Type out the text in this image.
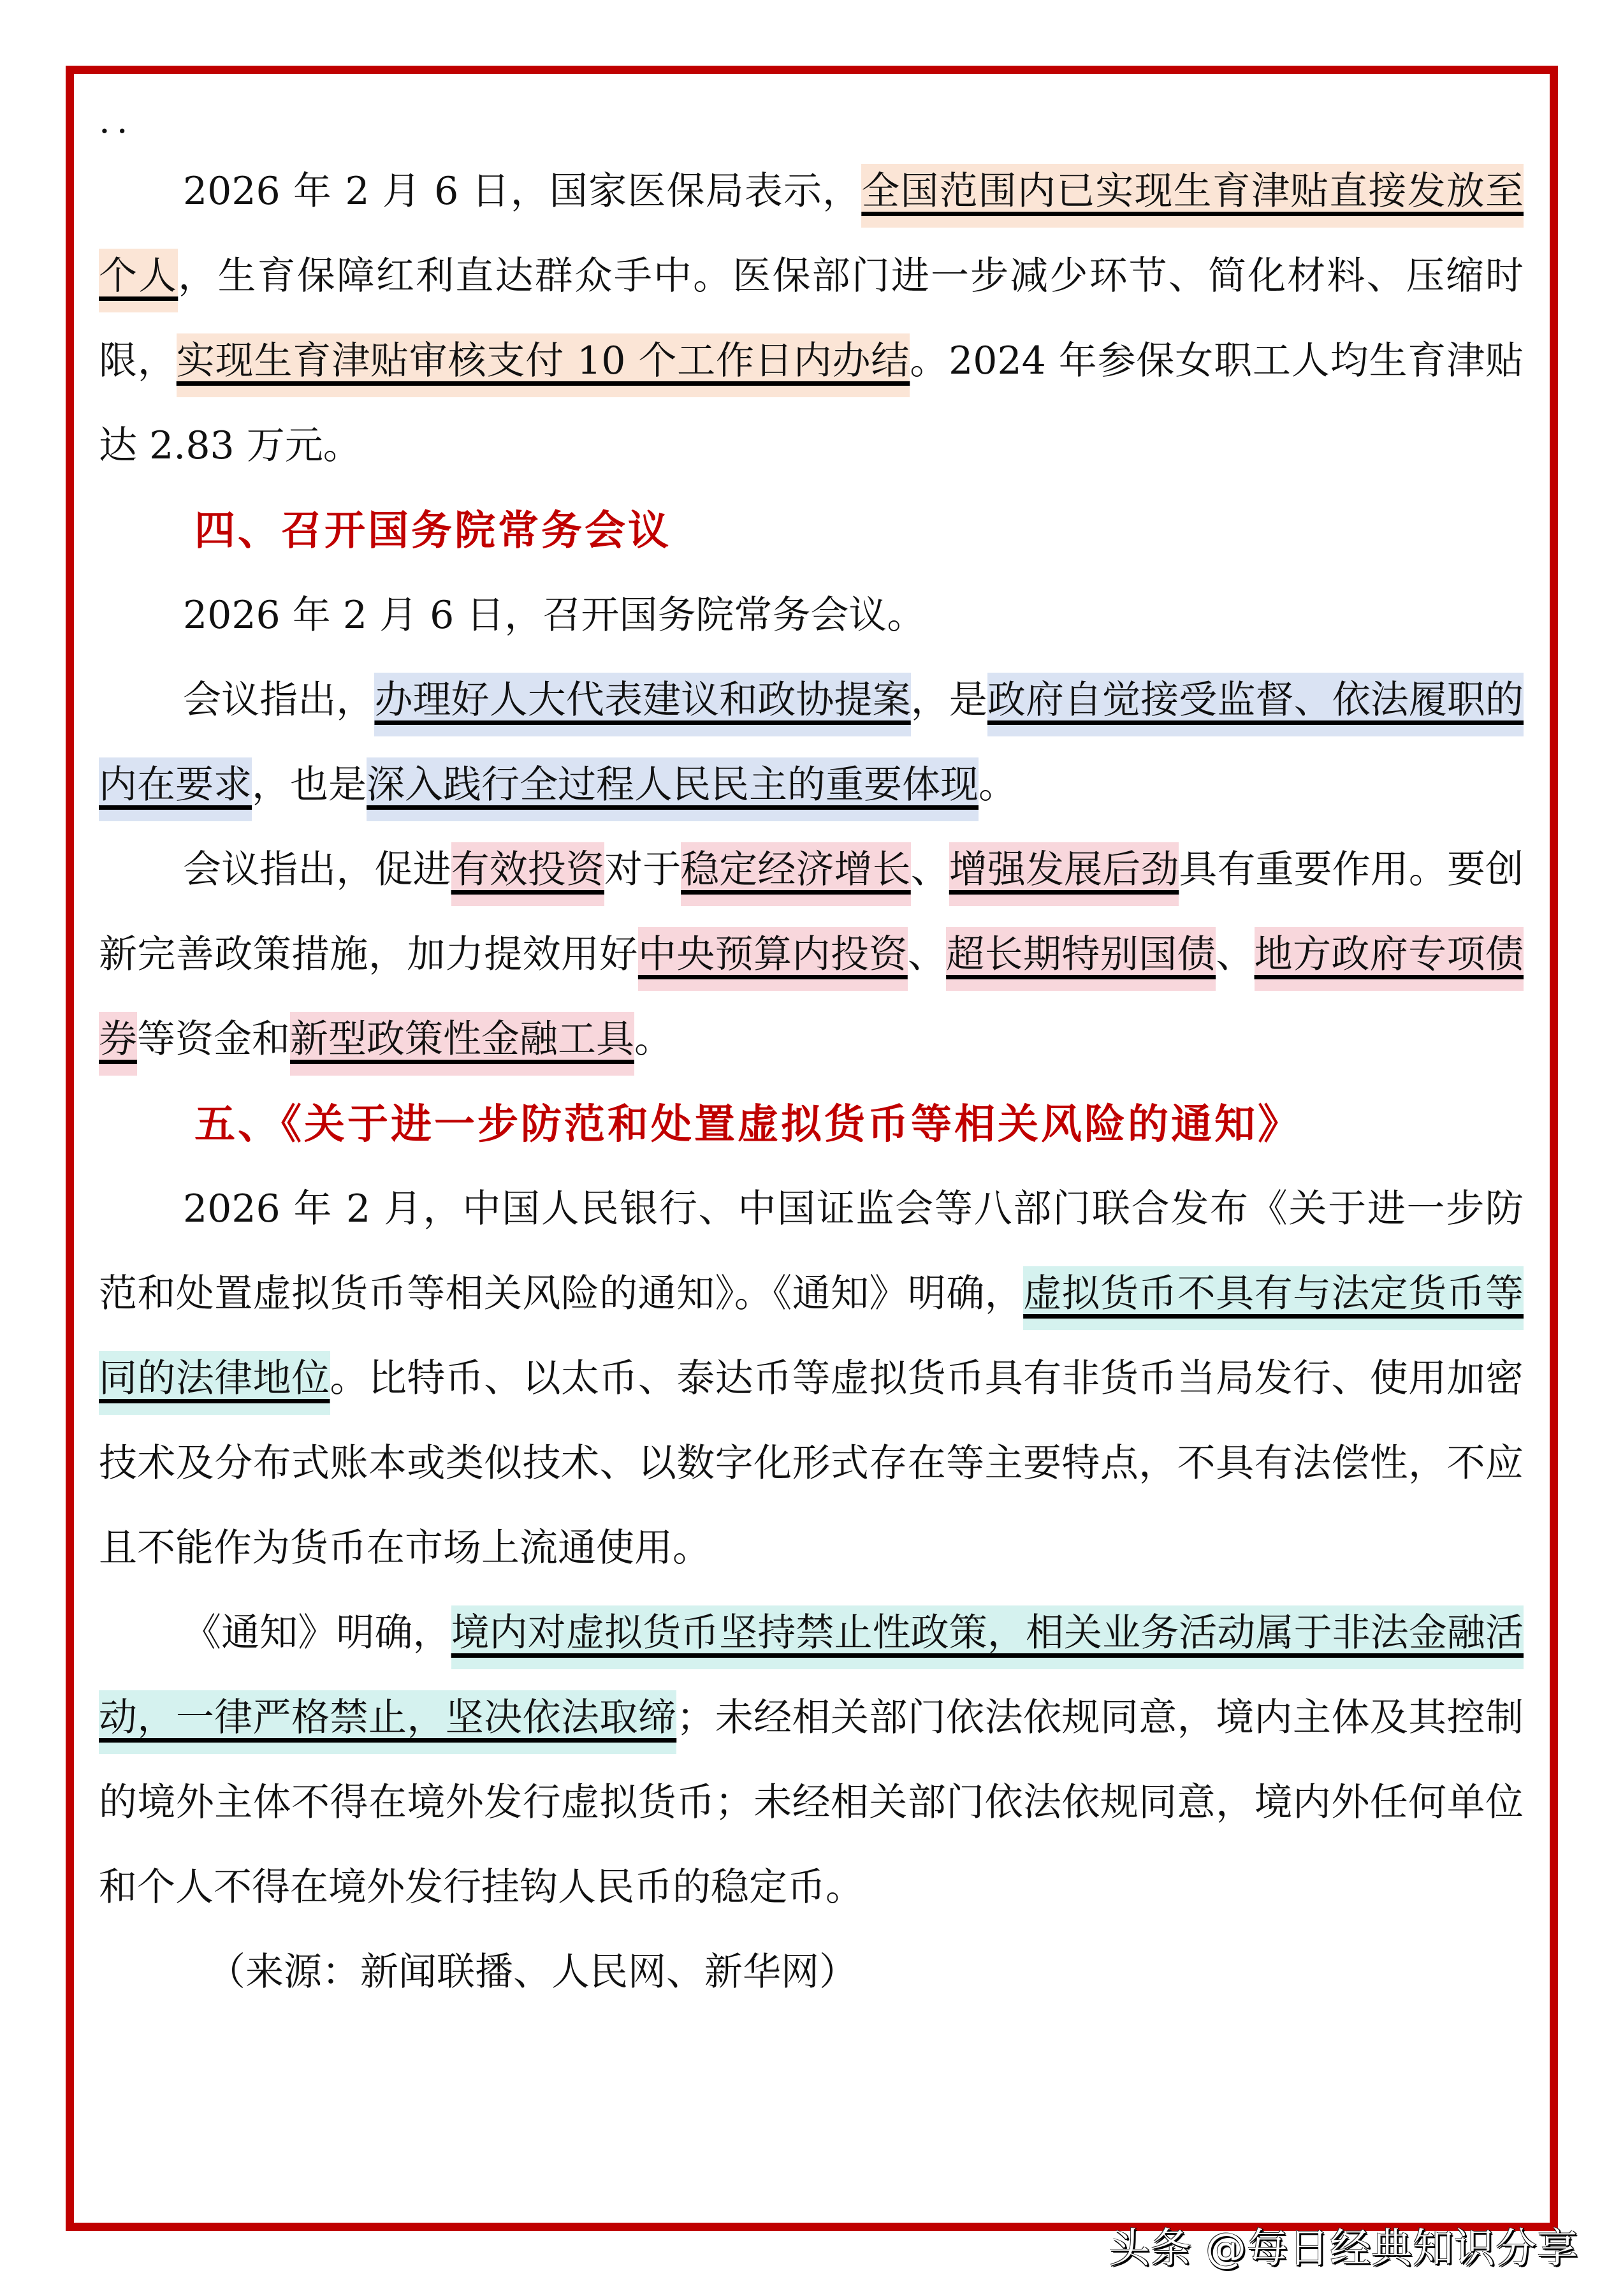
..

2026 年 2 月 6 日，国家医保局表示，全国范围内已实现生育津贴直接发放至个人，生育保障红利直达群众手中。医保部门进一步减少环节、简化材料、压缩时限，实现生育津贴审核支付 10 个工作日内办结。2024 年参保女职工人均生育津贴达 2.83 万元。

四、召开国务院常务会议

2026 年 2 月 6 日，召开国务院常务会议。

会议指出，办理好人大代表建议和政协提案，是政府自觉接受监督、依法履职的内在要求，也是深入践行全过程人民民主的重要体现。

会议指出，促进有效投资对于稳定经济增长、增强发展后劲具有重要作用。要创新完善政策措施，加力提效用好中央预算内投资、超长期特别国债、地方政府专项债券等资金和新型政策性金融工具。

五、《关于进一步防范和处置虚拟货币等相关风险的通知》

2026 年 2 月，中国人民银行、中国证监会等八部门联合发布《关于进一步防范和处置虚拟货币等相关风险的通知》。《通知》明确，虚拟货币不具有与法定货币等同的法律地位。比特币、以太币、泰达币等虚拟货币具有非货币当局发行、使用加密技术及分布式账本或类似技术、以数字化形式存在等主要特点，不具有法偿性，不应且不能作为货币在市场上流通使用。

《通知》明确，境内对虚拟货币坚持禁止性政策，相关业务活动属于非法金融活动，一律严格禁止，坚决依法取缔；未经相关部门依法依规同意，境内主体及其控制的境外主体不得在境外发行虚拟货币；未经相关部门依法依规同意，境内外任何单位和个人不得在境外发行挂钩人民币的稳定币。

（来源：新闻联播、人民网、新华网）

头条 @每日经典知识分享
